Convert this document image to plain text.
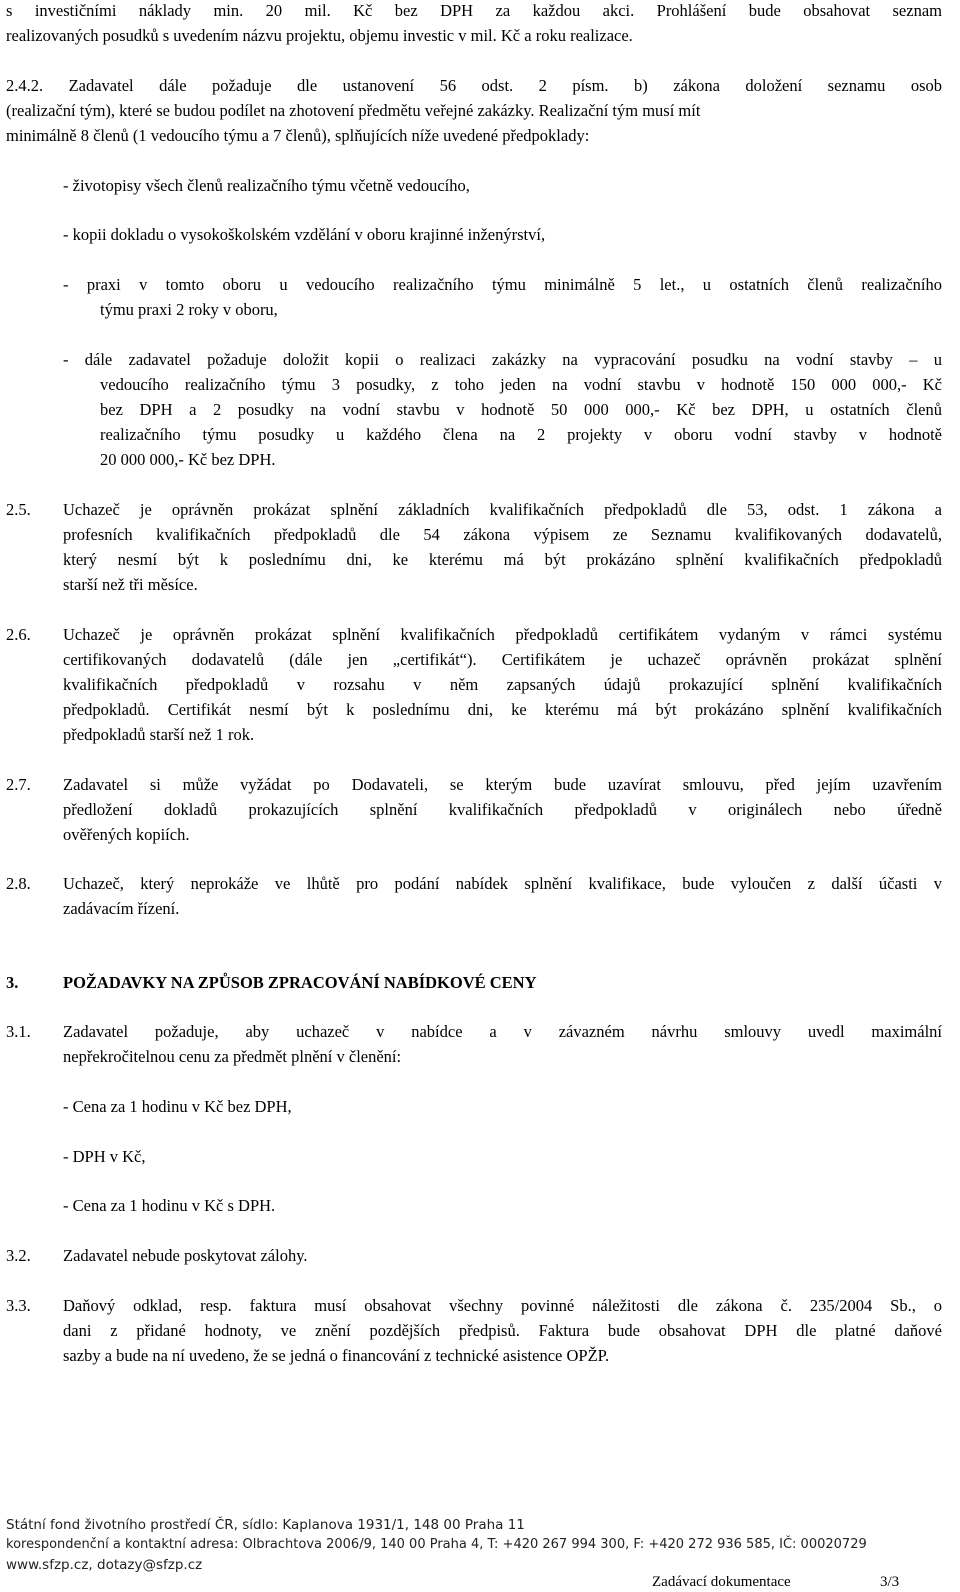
s investičními náklady min. 20 mil. Kč bez DPH za každou akci. Prohlášení bude obsahovat seznam
realizovaných posudků s uvedením názvu projektu, objemu investic v mil. Kč a roku realizace.
2.4.2. Zadavatel dále požaduje dle ustanovení 56 odst. 2 písm. b) zákona doložení seznamu osob
(realizační tým), které se budou podílet na zhotovení předmětu veřejné zakázky. Realizační tým musí mít
minimálně 8 členů (1 vedoucího týmu a 7 členů), splňujících níže uvedené předpoklady:
- životopisy všech členů realizačního týmu včetně vedoucího,
- kopii dokladu o vysokoškolském vzdělání v oboru krajinné inženýrství,
- praxi v tomto oboru u vedoucího realizačního týmu minimálně 5 let., u ostatních členů realizačního
týmu praxi 2 roky v oboru,
- dále zadavatel požaduje doložit kopii o realizaci zakázky na vypracování posudku na vodní stavby – u
vedoucího realizačního týmu 3 posudky, z toho jeden na vodní stavbu v hodnotě 150 000 000,- Kč
bez DPH a 2 posudky na vodní stavbu v hodnotě 50 000 000,- Kč bez DPH, u ostatních členů
realizačního týmu posudky u každého člena na 2 projekty v oboru vodní stavby v hodnotě
20 000 000,- Kč bez DPH.
2.5. Uchazeč je oprávněn prokázat splnění základních kvalifikačních předpokladů dle 53, odst. 1 zákona a
profesních kvalifikačních předpokladů dle 54 zákona výpisem ze Seznamu kvalifikovaných dodavatelů,
který nesmí být k poslednímu dni, ke kterému má být prokázáno splnění kvalifikačních předpokladů
starší než tři měsíce.
2.6. Uchazeč je oprávněn prokázat splnění kvalifikačních předpokladů certifikátem vydaným v rámci systému
certifikovaných dodavatelů (dále jen „certifikát“). Certifikátem je uchazeč oprávněn prokázat splnění
kvalifikačních předpokladů v rozsahu v něm zapsaných údajů prokazující splnění kvalifikačních
předpokladů. Certifikát nesmí být k poslednímu dni, ke kterému má být prokázáno splnění kvalifikačních
předpokladů starší než 1 rok.
2.7. Zadavatel si může vyžádat po Dodavateli, se kterým bude uzavírat smlouvu, před jejím uzavřením
předložení dokladů prokazujících splnění kvalifikačních předpokladů v originálech nebo úředně
ověřených kopiích.
2.8. Uchazeč, který neprokáže ve lhůtě pro podání nabídek splnění kvalifikace, bude vyloučen z další účasti v
zadávacím řízení.
3.	POŽADAVKY NA ZPŮSOB ZPRACOVÁNÍ NABÍDKOVÉ CENY
3.1. Zadavatel požaduje, aby uchazeč v nabídce a v závazném návrhu smlouvy uvedl maximální
nepřekročitelnou cenu za předmět plnění v členění:
- Cena za 1 hodinu v Kč bez DPH,
- DPH v Kč,
- Cena za 1 hodinu v Kč s DPH.
3.2. Zadavatel nebude poskytovat zálohy.
3.3. Daňový odklad, resp. faktura musí obsahovat všechny povinné náležitosti dle zákona č. 235/2004 Sb., o
dani z přidané hodnoty, ve znění pozdějších předpisů. Faktura bude obsahovat DPH dle platné daňové
sazby a bude na ní uvedeno, že se jedná o financování z technické asistence OPŽP.
Státní fond životního prostředí ČR, sídlo: Kaplanova 1931/1, 148 00 Praha 11
korespondenční a kontaktní adresa: Olbrachtova 2006/9, 140 00 Praha 4, T: +420 267 994 300, F: +420 272 936 585, IČ: 00020729
www.sfzp.cz, dotazy@sfzp.cz
Zadávací dokumentace	3/3
